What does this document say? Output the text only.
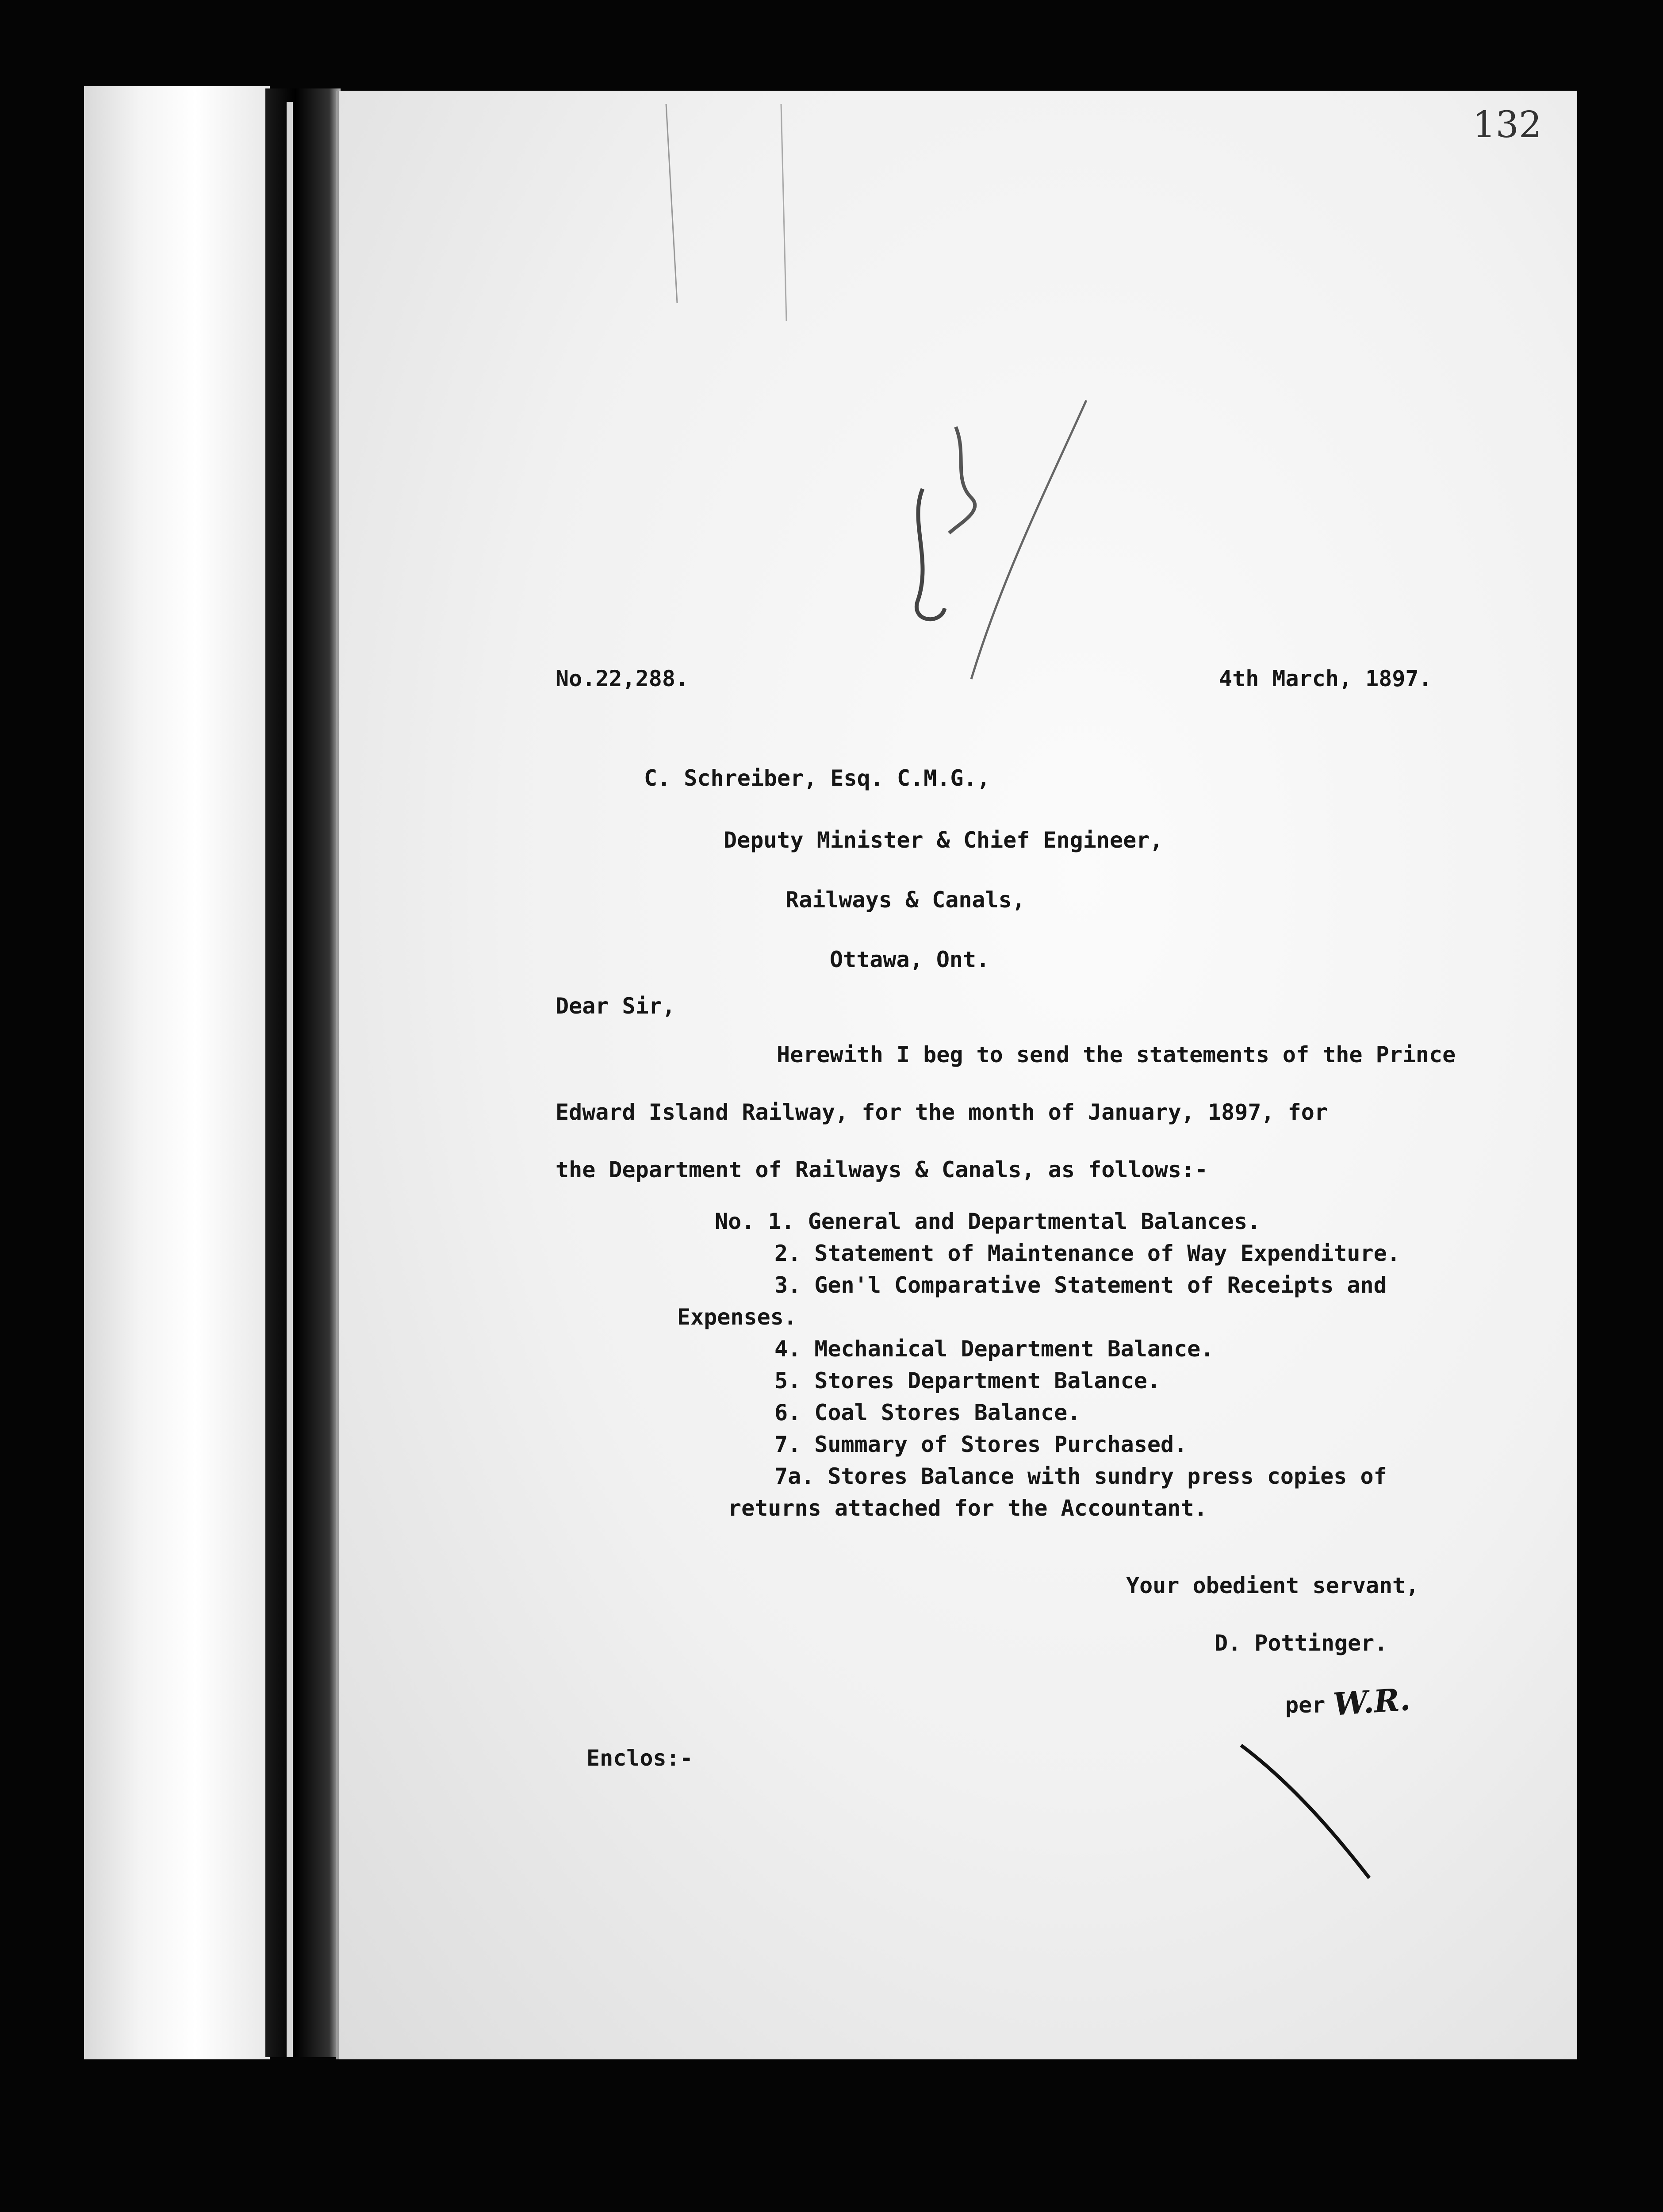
132
No.22,288.	4th March, 1897.
C. Schreiber, Esq. C.M.G.,
Deputy Minister & Chief Engineer,
Railways & Canals,
Ottawa, Ont.
Dear Sir,
Herewith I beg to send the statements of the Prince
Edward Island Railway, for the month of January, 1897, for
the Department of Railways & Canals, as follows:-
No. 1. General and Departmental Balances.
2. Statement of Maintenance of Way Expenditure.
3. Gen'l Comparative Statement of Receipts and
Expenses.
4. Mechanical Department Balance.
5. Stores Department Balance.
6. Coal Stores Balance.
7. Summary of Stores Purchased.
7a. Stores Balance with sundry press copies of
returns attached for the Accountant.
Your obedient servant,
D. Pottinger.
per W.R.
Enclos:-
